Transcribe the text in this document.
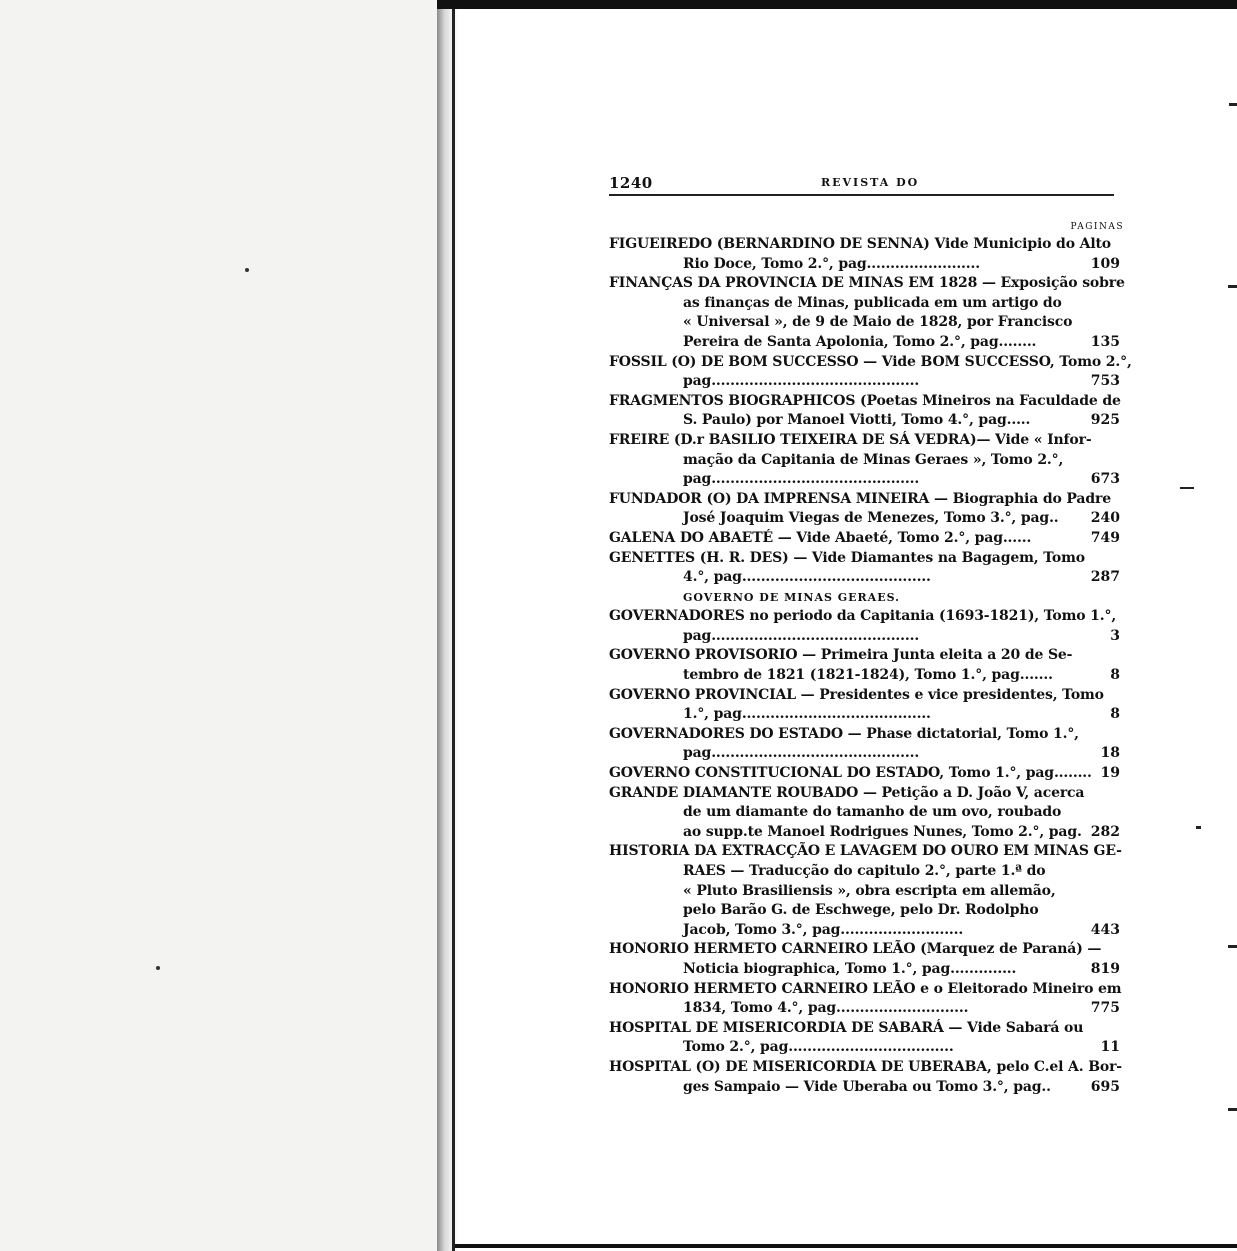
1240	REVISTA DO
PAGINAS
FIGUEIREDO (BERNARDINO DE SENNA) Vide Municipio do Alto
Rio Doce, Tomo 2.°, pag........................	109
FINANÇAS DA PROVINCIA DE MINAS EM 1828 — Exposição sobre
as finanças de Minas, publicada em um artigo do
« Universal », de 9 de Maio de 1828, por Francisco
Pereira de Santa Apolonia, Tomo 2.°, pag........	135
FOSSIL (O) DE BOM SUCCESSO — Vide BOM SUCCESSO, Tomo 2.°,
pag............................................	753
FRAGMENTOS BIOGRAPHICOS (Poetas Mineiros na Faculdade de
S. Paulo) por Manoel Viotti, Tomo 4.°, pag.....	925
FREIRE (D.r BASILIO TEIXEIRA DE SÁ VEDRA)— Vide « Infor-
mação da Capitania de Minas Geraes », Tomo 2.°,
pag............................................	673
FUNDADOR (O) DA IMPRENSA MINEIRA — Biographia do Padre
José Joaquim Viegas de Menezes, Tomo 3.°, pag.. 240
GALENA DO ABAETÉ — Vide Abaeté, Tomo 2.°, pag......	749
GENETTES (H. R. DES) — Vide Diamantes na Bagagem, Tomo
4.°, pag........................................	287
GOVERNO DE MINAS GERAES.
GOVERNADORES no periodo da Capitania (1693-1821), Tomo 1.°,
pag............................................	3
GOVERNO PROVISORIO — Primeira Junta eleita a 20 de Se-
tembro de 1821 (1821-1824), Tomo 1.°, pag.......	8
GOVERNO PROVINCIAL — Presidentes e vice presidentes, Tomo
1.°, pag........................................	8
GOVERNADORES DO ESTADO — Phase dictatorial, Tomo 1.°,
pag............................................	18
GOVERNO CONSTITUCIONAL DO ESTADO, Tomo 1.°, pag........ 19
GRANDE DIAMANTE ROUBADO — Petição a D. João V, acerca
de um diamante do tamanho de um ovo, roubado
ao supp.te Manoel Rodrigues Nunes, Tomo 2.°, pag. 282
HISTORIA DA EXTRACÇÃO E LAVAGEM DO OURO EM MINAS GE-
RAES — Traducção do capitulo 2.°, parte 1.ª do
« Pluto Brasiliensis », obra escripta em allemão,
pelo Barão G. de Eschwege, pelo Dr. Rodolpho
Jacob, Tomo 3.°, pag..........................	443
HONORIO HERMETO CARNEIRO LEÃO (Marquez de Paraná) —
Noticia biographica, Tomo 1.°, pag..............	819
HONORIO HERMETO CARNEIRO LEÃO e o Eleitorado Mineiro em
1834, Tomo 4.°, pag............................	775
HOSPITAL DE MISERICORDIA DE SABARÁ — Vide Sabará ou
Tomo 2.°, pag...................................	11
HOSPITAL (O) DE MISERICORDIA DE UBERABA, pelo C.el A. Bor-
ges Sampaio — Vide Uberaba ou Tomo 3.°, pag..	695
